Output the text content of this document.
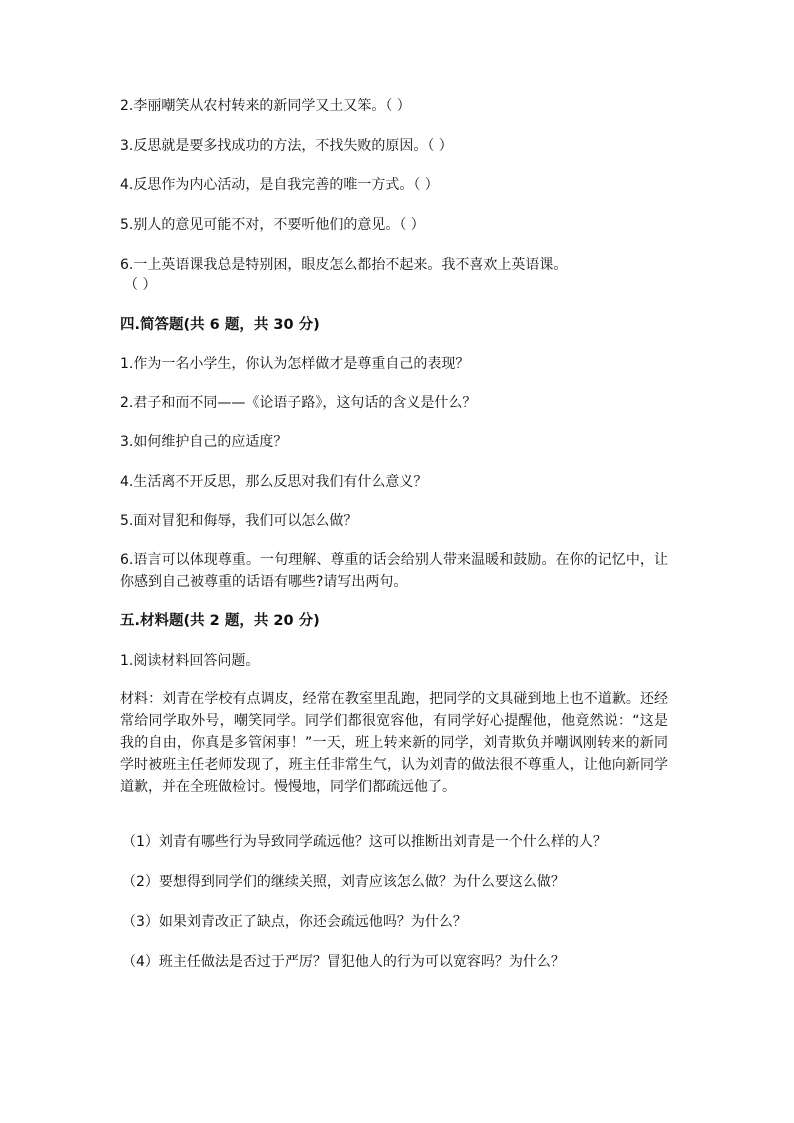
2.李丽嘲笑从农村转来的新同学又土又笨。（ ）
3.反思就是要多找成功的方法，不找失败的原因。（ ）
4.反思作为内心活动，是自我完善的唯一方式。（ ）
5.别人的意见可能不对，不要听他们的意见。（ ）
6.一上英语课我总是特别困，眼皮怎么都抬不起来。我不喜欢上英语课。
（ ）
四.简答题(共 6 题，共 30 分)
1.作为一名小学生，你认为怎样做才是尊重自己的表现？
2.君子和而不同——《论语子路》，这句话的含义是什么？
3.如何维护自己的应适度？
4.生活离不开反思，那么反思对我们有什么意义？
5.面对冒犯和侮辱，我们可以怎么做？
6.语言可以体现尊重。一句理解、尊重的话会给别人带来温暖和鼓励。在你的记忆中，让你感到自己被尊重的话语有哪些?请写出两句。
五.材料题(共 2 题，共 20 分)
1.阅读材料回答问题。
材料：刘青在学校有点调皮，经常在教室里乱跑，把同学的文具碰到地上也不道歉。还经常给同学取外号，嘲笑同学。同学们都很宽容他，有同学好心提醒他，他竟然说：“这是我的自由，你真是多管闲事！”一天，班上转来新的同学，刘青欺负并嘲讽刚转来的新同学时被班主任老师发现了，班主任非常生气，认为刘青的做法很不尊重人，让他向新同学道歉，并在全班做检讨。慢慢地，同学们都疏远他了。
（1）刘青有哪些行为导致同学疏远他？这可以推断出刘青是一个什么样的人？
（2）要想得到同学们的继续关照，刘青应该怎么做？为什么要这么做？
（3）如果刘青改正了缺点，你还会疏远他吗？为什么？
（4）班主任做法是否过于严厉？冒犯他人的行为可以宽容吗？为什么？
